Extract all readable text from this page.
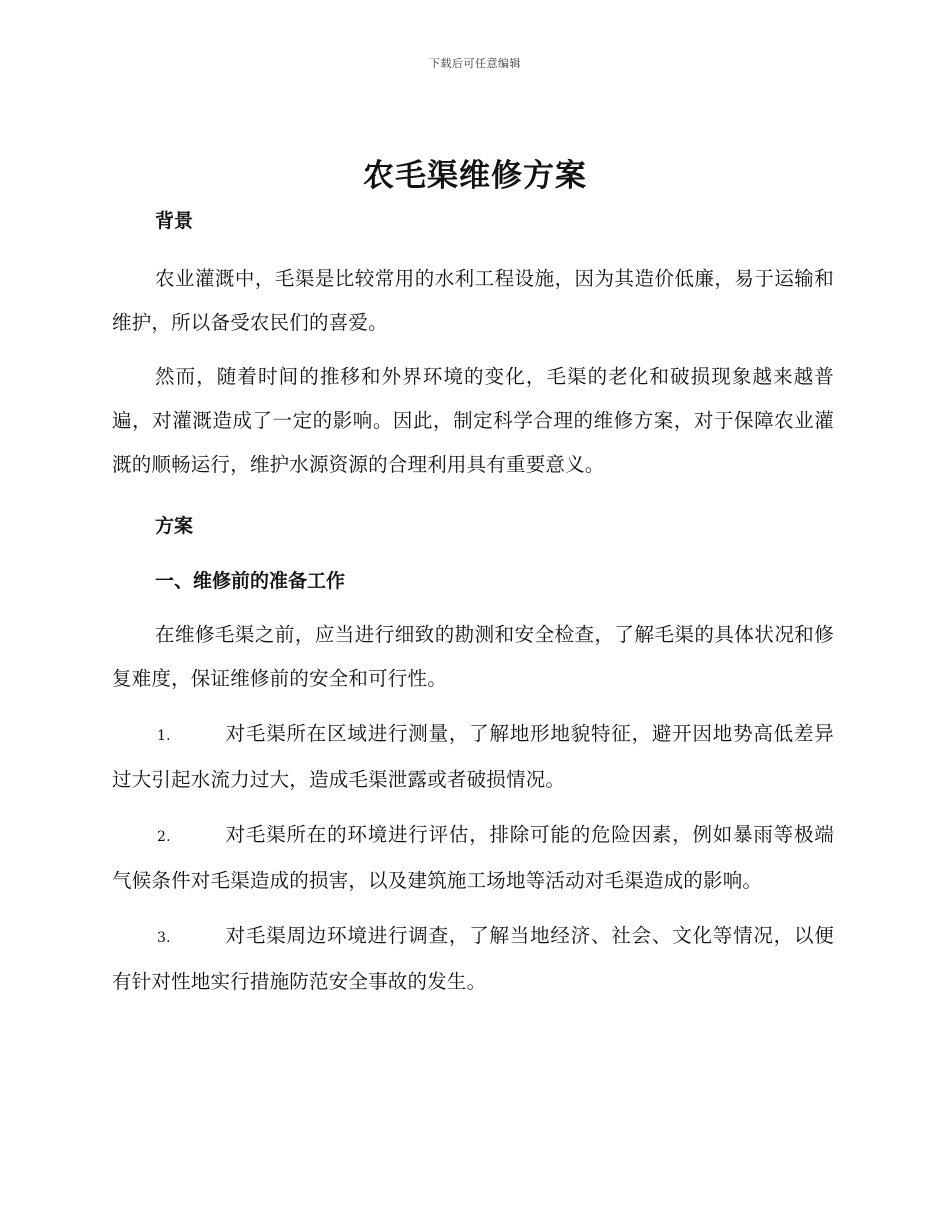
下载后可任意编辑
农毛渠维修方案
背景
农业灌溉中，毛渠是比较常用的水利工程设施，因为其造价低廉，易于运输和维护，所以备受农民们的喜爱。
然而，随着时间的推移和外界环境的变化，毛渠的老化和破损现象越来越普遍，对灌溉造成了一定的影响。因此，制定科学合理的维修方案，对于保障农业灌溉的顺畅运行，维护水源资源的合理利用具有重要意义。
方案
一、维修前的准备工作
在维修毛渠之前，应当进行细致的勘测和安全检查，了解毛渠的具体状况和修复难度，保证维修前的安全和可行性。
1.	对毛渠所在区域进行测量，了解地形地貌特征，避开因地势高低差异过大引起水流力过大，造成毛渠泄露或者破损情况。
2.	对毛渠所在的环境进行评估，排除可能的危险因素，例如暴雨等极端气候条件对毛渠造成的损害，以及建筑施工场地等活动对毛渠造成的影响。
3.	对毛渠周边环境进行调查，了解当地经济、社会、文化等情况，以便有针对性地实行措施防范安全事故的发生。
